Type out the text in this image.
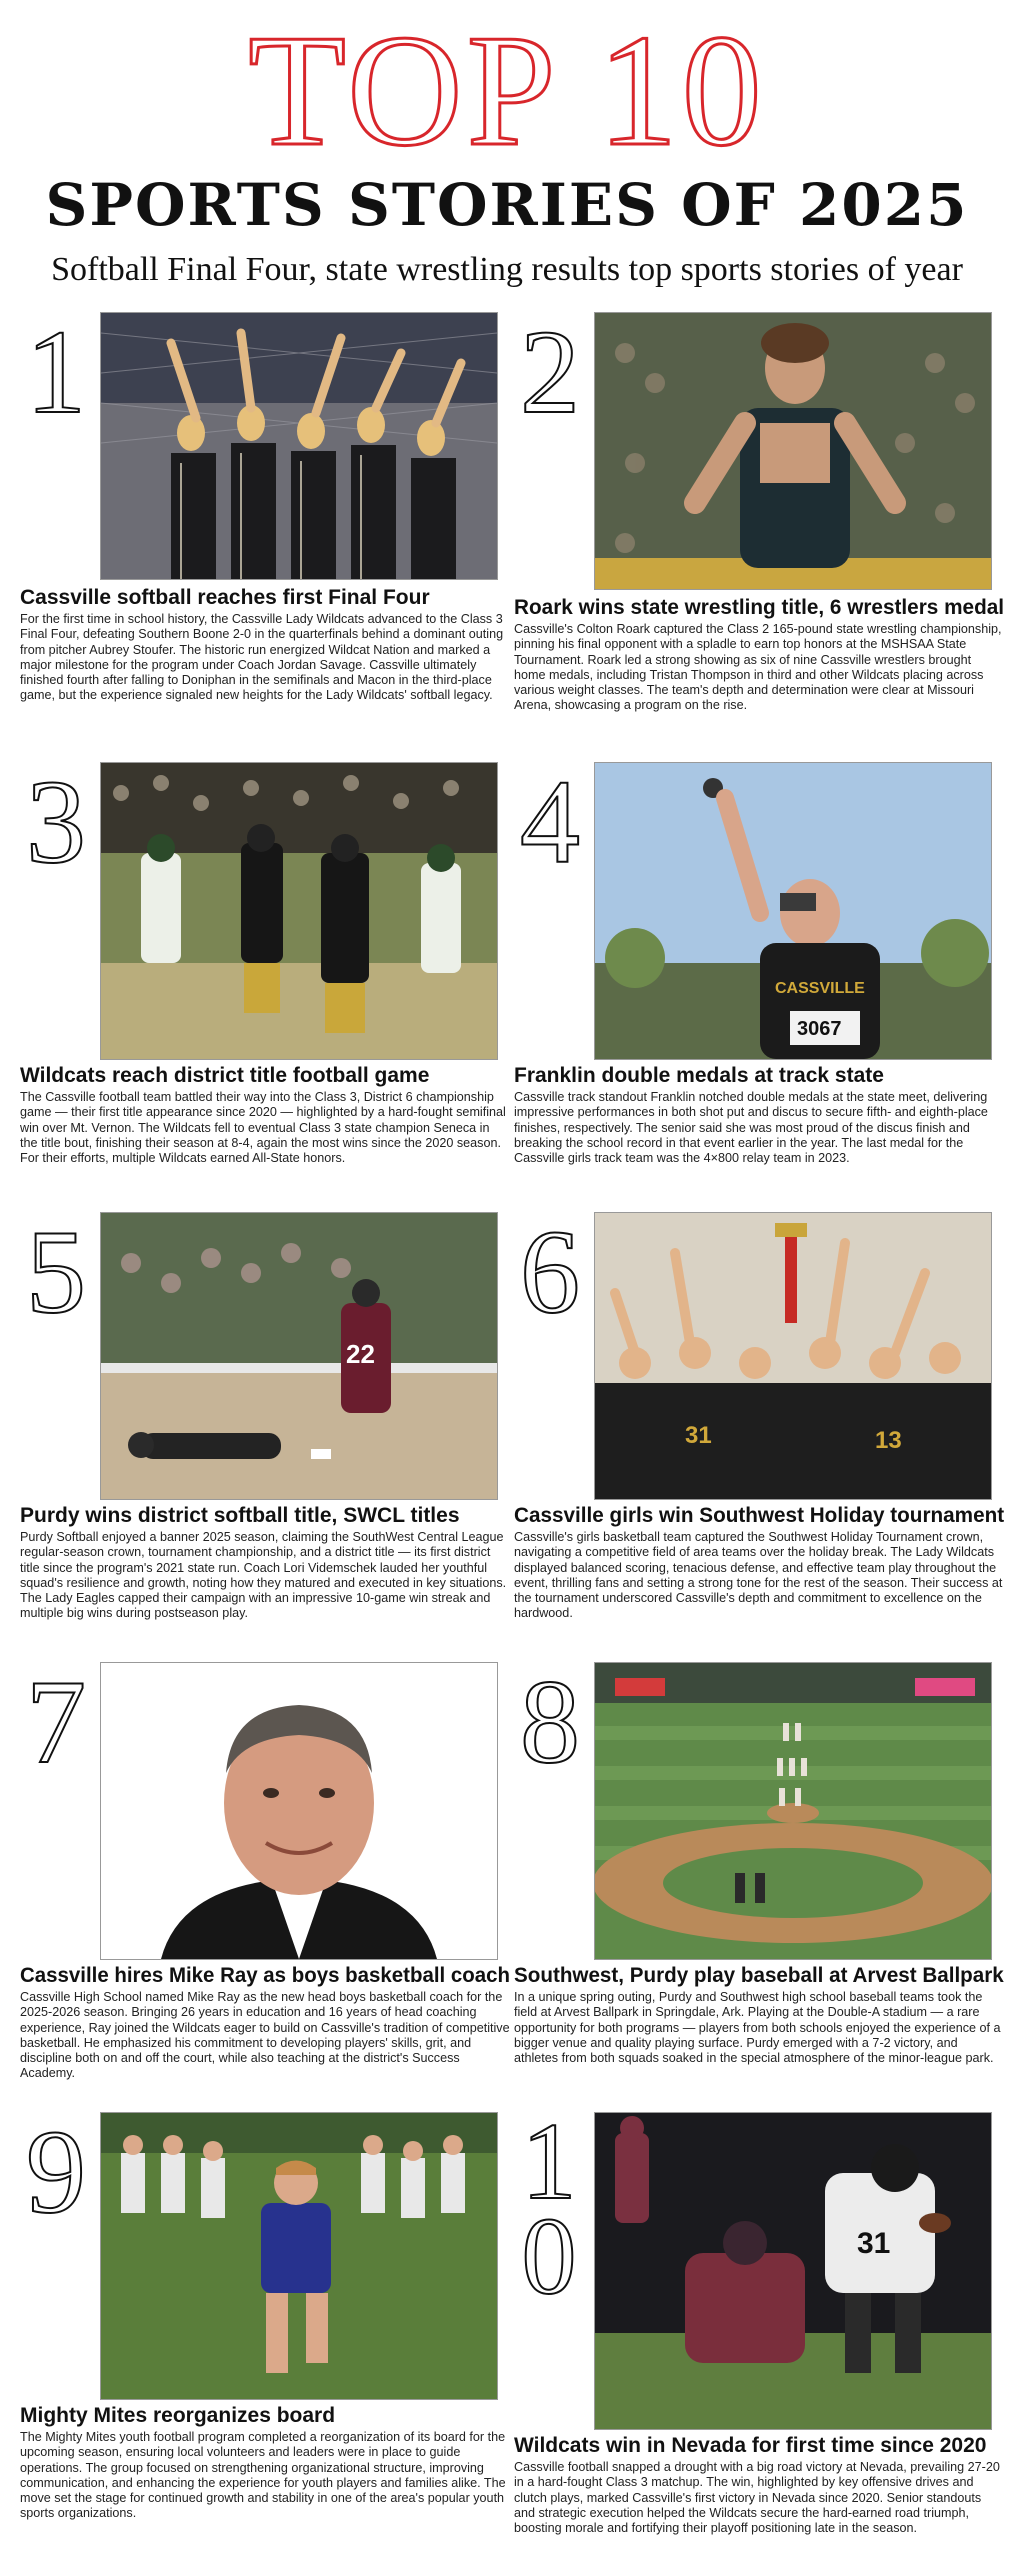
TOP 10
SPORTS STORIES OF 2025
Softball Final Four, state wrestling results top sports stories of year
1
Cassville softball reaches first Final Four
For the first time in school history, the Cassville Lady Wildcats advanced to the Class 3 Final Four, defeating Southern Boone 2-0 in the quarterfinals behind a dominant outing from pitcher Aubrey Stoufer. The historic run energized Wildcat Nation and marked a major milestone for the program under Coach Jordan Savage. Cassville ultimately finished fourth after falling to Doniphan in the semifinals and Macon in the third-place game, but the experience signaled new heights for the Lady Wildcats' softball legacy.
2
Roark wins state wrestling title, 6 wrestlers medal
Cassville's Colton Roark captured the Class 2 165-pound state wrestling championship, pinning his final opponent with a spladle to earn top honors at the MSHSAA State Tournament. Roark led a strong showing as six of nine Cassville wrestlers brought home medals, including Tristan Thompson in third and other Wildcats placing across various weight classes. The team's depth and determination were clear at Missouri Arena, showcasing a program on the rise.
3
Wildcats reach district title football game
The Cassville football team battled their way into the Class 3, District 6 championship game — their first title appearance since 2020 — highlighted by a hard-fought semifinal win over Mt. Vernon. The Wildcats fell to eventual Class 3 state champion Seneca in the title bout, finishing their season at 8-4, again the most wins since the 2020 season. For their efforts, multiple Wildcats earned All-State honors.
4
CASSVILLE
3067
Franklin double medals at track state
Cassville track standout Franklin notched double medals at the state meet, delivering impressive performances in both shot put and discus to secure fifth- and eighth-place finishes, respectively. The senior said she was most proud of the discus finish and breaking the school record in that event earlier in the year. The last medal for the Cassville girls track team was the 4×800 relay team in 2023.
5
22
Purdy wins district softball title, SWCL titles
Purdy Softball enjoyed a banner 2025 season, claiming the SouthWest Central League regular-season crown, tournament championship, and a district title — its first district title since the program's 2021 state run. Coach Lori Videmschek lauded her youthful squad's resilience and growth, noting how they matured and executed in key situations. The Lady Eagles capped their campaign with an impressive 10-game win streak and multiple big wins during postseason play.
6
31	13
Cassville girls win Southwest Holiday tournament
Cassville's girls basketball team captured the Southwest Holiday Tournament crown, navigating a competitive field of area teams over the holiday break. The Lady Wildcats displayed balanced scoring, tenacious defense, and effective team play throughout the event, thrilling fans and setting a strong tone for the rest of the season. Their success at the tournament underscored Cassville's depth and commitment to excellence on the hardwood.
7
Cassville hires Mike Ray as boys basketball coach
Cassville High School named Mike Ray as the new head boys basketball coach for the 2025-2026 season. Bringing 26 years in education and 16 years of head coaching experience, Ray joined the Wildcats eager to build on Cassville's tradition of competitive basketball. He emphasized his commitment to developing players' skills, grit, and discipline both on and off the court, while also teaching at the district's Success Academy.
8
Southwest, Purdy play baseball at Arvest Ballpark
In a unique spring outing, Purdy and Southwest high school baseball teams took the field at Arvest Ballpark in Springdale, Ark. Playing at the Double-A stadium — a rare opportunity for both programs — players from both schools enjoyed the experience of a bigger venue and quality playing surface. Purdy emerged with a 7-2 victory, and athletes from both squads soaked in the special atmosphere of the minor-league park.
9
Mighty Mites reorganizes board
The Mighty Mites youth football program completed a reorganization of its board for the upcoming season, ensuring local volunteers and leaders were in place to guide operations. The group focused on strengthening organizational structure, improving communication, and enhancing the experience for youth players and families alike. The move set the stage for continued growth and stability in one of the area's popular youth sports organizations.
10	31
Wildcats win in Nevada for first time since 2020
Cassville football snapped a drought with a big road victory at Nevada, prevailing 27-20 in a hard-fought Class 3 matchup. The win, highlighted by key offensive drives and clutch plays, marked Cassville's first victory in Nevada since 2020. Senior standouts and strategic execution helped the Wildcats secure the hard-earned road triumph, boosting morale and fortifying their playoff positioning late in the season.
